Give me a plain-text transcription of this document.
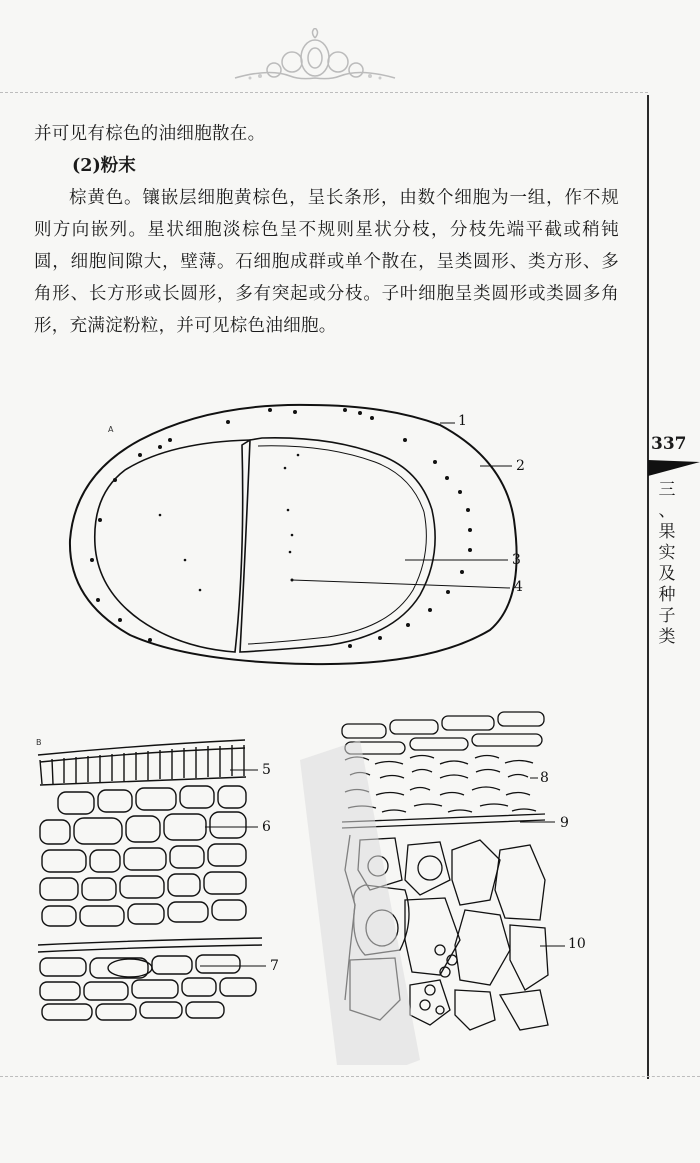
并可见有棕色的油细胞散在。

(2)粉末

棕黄色。镶嵌层细胞黄棕色，呈长条形，由数个细胞为一组，作不规则方向嵌列。星状细胞淡棕色呈不规则星状分枝，分枝先端平截或稍钝圆，细胞间隙大，壁薄。石细胞成群或单个散在，呈类圆形、类方形、多角形、长方形或长圆形，多有突起或分枝。子叶细胞呈类圆形或类圆多角形，充满淀粉粒，并可见棕色油细胞。

337
三
、
果
实
及
种
子
类
A
B
1
2
3
4
5
6
7
8
9
10
